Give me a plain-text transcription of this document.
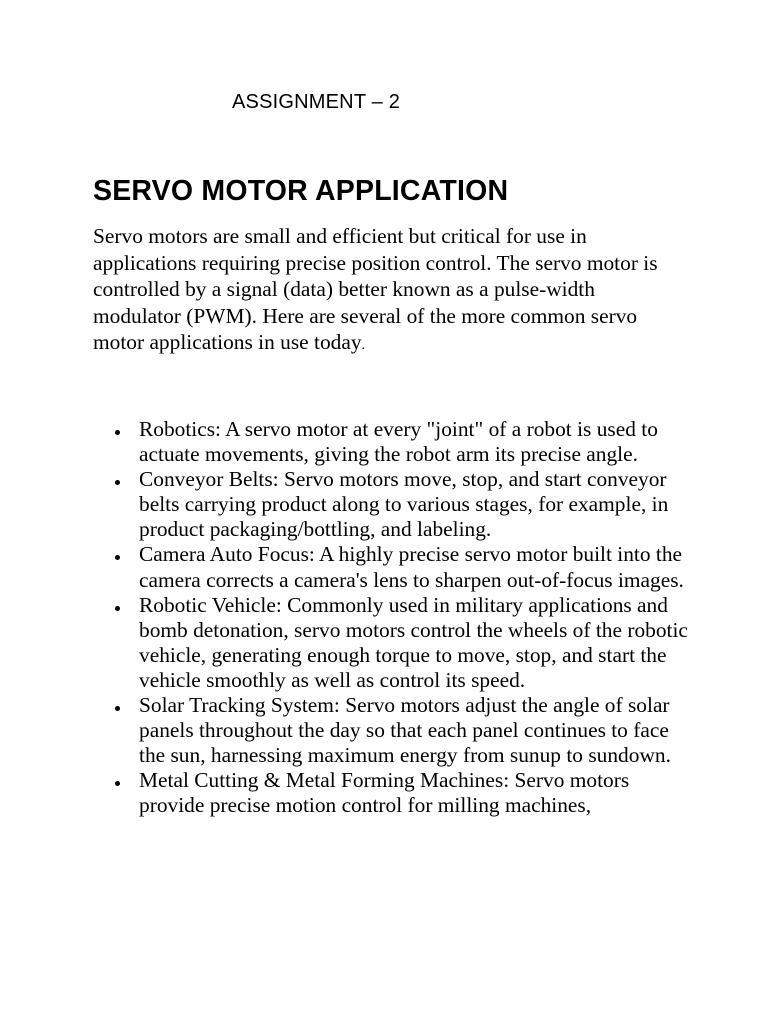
ASSIGNMENT – 2
SERVO MOTOR APPLICATION

Servo motors are small and efficient but critical for use in applications requiring precise position control. The servo motor is controlled by a signal (data) better known as a pulse-width modulator (PWM). Here are several of the more common servo motor applications in use today.

Robotics: A servo motor at every "joint" of a robot is used to actuate movements, giving the robot arm its precise angle.
Conveyor Belts: Servo motors move, stop, and start conveyor belts carrying product along to various stages, for example, in product packaging/bottling, and labeling.
Camera Auto Focus: A highly precise servo motor built into the camera corrects a camera's lens to sharpen out-of-focus images.
Robotic Vehicle: Commonly used in military applications and bomb detonation, servo motors control the wheels of the robotic vehicle, generating enough torque to move, stop, and start the vehicle smoothly as well as control its speed.
Solar Tracking System: Servo motors adjust the angle of solar panels throughout the day so that each panel continues to face the sun, harnessing maximum energy from sunup to sundown.
Metal Cutting & Metal Forming Machines: Servo motors provide precise motion control for milling machines,
